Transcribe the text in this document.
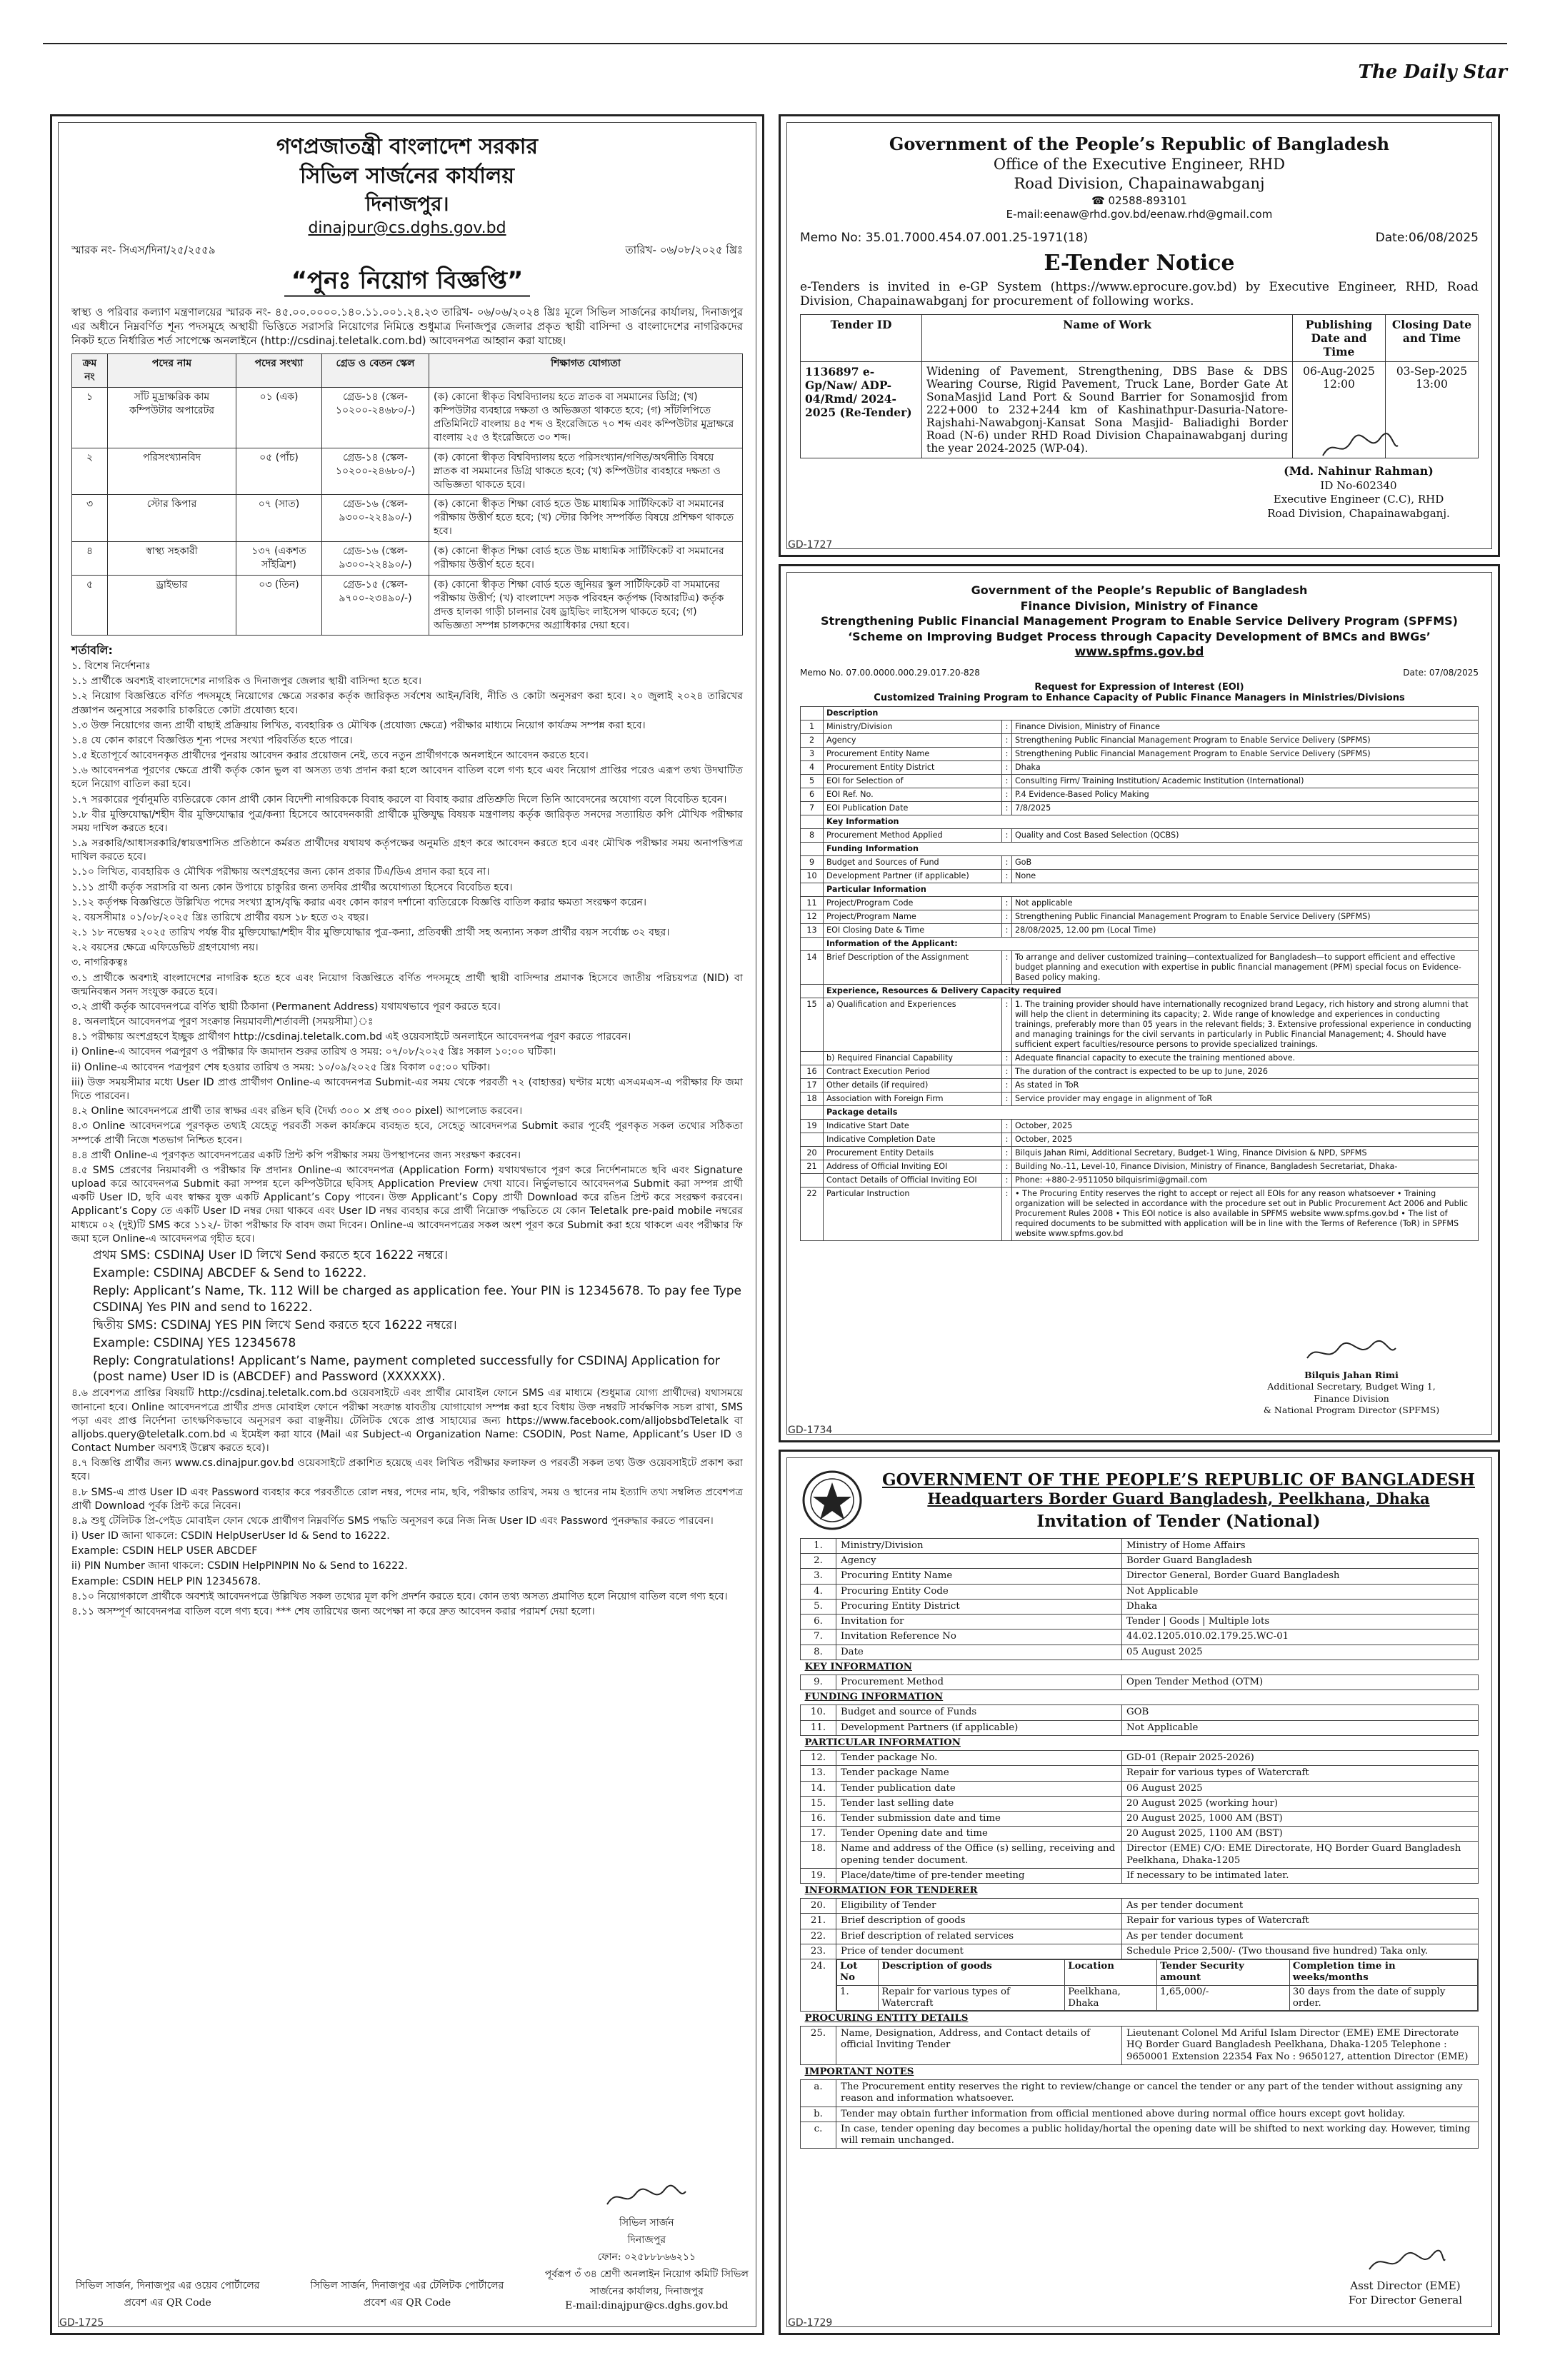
The Daily Star
গণপ্রজাতন্ত্রী বাংলাদেশ সরকার
সিভিল সার্জনের কার্যালয়
দিনাজপুর।
dinajpur@cs.dghs.gov.bd
স্মারক নং- সিএস/দিনা/২৫/২৫৫৯	তারিখ- ০৬/০৮/২০২৫ খ্রিঃ
“পুনঃ নিয়োগ বিজ্ঞপ্তি”
স্বাস্থ্য ও পরিবার কল্যাণ মন্ত্রণালয়ের স্মারক নং- ৪৫.০০.০০০০.১৪০.১১.০০১.২৪.২৩ তারিখ- ০৬/০৬/২০২৪ খ্রিঃ মূলে সিভিল সার্জনের কার্যালয়, দিনাজপুর এর অধীনে নিম্নবর্ণিত শূন্য পদসমূহে অস্থায়ী ভিত্তিতে সরাসরি নিয়োগের নিমিত্তে শুধুমাত্র দিনাজপুর জেলার প্রকৃত স্থায়ী বাসিন্দা ও বাংলাদেশের নাগরিকদের নিকট হতে নির্ধারিত শর্ত সাপেক্ষে অনলাইনে (http://csdinaj.teletalk.com.bd) আবেদনপত্র আহ্বান করা যাচ্ছে।
ক্রম নং	পদের নাম	পদের সংখ্যা	গ্রেড ও বেতন স্কেল	শিক্ষাগত যোগ্যতা
১	সাঁট মুদ্রাক্ষরিক কাম কম্পিউটার অপারেটর	০১ (এক)	গ্রেড-১৪ (স্কেল- ১০২০০-২৪৬৮০/-)	(ক) কোনো স্বীকৃত বিশ্ববিদ্যালয় হতে স্নাতক বা সমমানের ডিগ্রি; (খ) কম্পিউটার ব্যবহারে দক্ষতা ও অভিজ্ঞতা থাকতে হবে; (গ) সাঁটলিপিতে প্রতিমিনিটে বাংলায় ৪৫ শব্দ ও ইংরেজিতে ৭০ শব্দ এবং কম্পিউটার মুদ্রাক্ষরে বাংলায় ২৫ ও ইংরেজিতে ৩০ শব্দ।
২	পরিসংখ্যানবিদ	০৫ (পাঁচ)	গ্রেড-১৪ (স্কেল- ১০২০০-২৪৬৮০/-)	(ক) কোনো স্বীকৃত বিশ্ববিদ্যালয় হতে পরিসংখ্যান/গণিত/অর্থনীতি বিষয়ে স্নাতক বা সমমানের ডিগ্রি থাকতে হবে; (খ) কম্পিউটার ব্যবহারে দক্ষতা ও অভিজ্ঞতা থাকতে হবে।
৩	স্টোর কিপার	০৭ (সাত)	গ্রেড-১৬ (স্কেল- ৯৩০০-২২৪৯০/-)	(ক) কোনো স্বীকৃত শিক্ষা বোর্ড হতে উচ্চ মাধ্যমিক সার্টিফিকেট বা সমমানের পরীক্ষায় উত্তীর্ণ হতে হবে; (খ) স্টোর কিপিং সম্পর্কিত বিষয়ে প্রশিক্ষণ থাকতে হবে।
৪	স্বাস্থ্য সহকারী	১৩৭ (একশত সাঁইত্রিশ)	গ্রেড-১৬ (স্কেল- ৯৩০০-২২৪৯০/-)	(ক) কোনো স্বীকৃত শিক্ষা বোর্ড হতে উচ্চ মাধ্যমিক সার্টিফিকেট বা সমমানের পরীক্ষায় উত্তীর্ণ হতে হবে।
৫	ড্রাইভার	০৩ (তিন)	গ্রেড-১৫ (স্কেল- ৯৭০০-২৩৪৯০/-)	(ক) কোনো স্বীকৃত শিক্ষা বোর্ড হতে জুনিয়র স্কুল সার্টিফিকেট বা সমমানের পরীক্ষায় উত্তীর্ণ; (খ) বাংলাদেশ সড়ক পরিবহন কর্তৃপক্ষ (বিআরটিএ) কর্তৃক প্রদত্ত হালকা গাড়ী চালনার বৈধ ড্রাইভিং লাইসেন্স থাকতে হবে; (গ) অভিজ্ঞতা সম্পন্ন চালকদের অগ্রাধিকার দেয়া হবে।
শর্তাবলি:

১. বিশেষ নির্দেশনাঃ

১.১ প্রার্থীকে অবশ্যই বাংলাদেশের নাগরিক ও দিনাজপুর জেলার স্থায়ী বাসিন্দা হতে হবে।

১.২ নিয়োগ বিজ্ঞপ্তিতে বর্ণিত পদসমূহে নিয়োগের ক্ষেত্রে সরকার কর্তৃক জারিকৃত সর্বশেষ আইন/বিধি, নীতি ও কোটা অনুসরণ করা হবে। ২০ জুলাই ২০২৪ তারিখের প্রজ্ঞাপন অনুসারে সরকারি চাকরিতে কোটা প্রযোজ্য হবে।

১.৩ উক্ত নিয়োগের জন্য প্রার্থী বাছাই প্রক্রিয়ায় লিখিত, ব্যবহারিক ও মৌখিক (প্রযোজ্য ক্ষেত্রে) পরীক্ষার মাধ্যমে নিয়োগ কার্যক্রম সম্পন্ন করা হবে।

১.৪ যে কোন কারণে বিজ্ঞপ্তিত শূন্য পদের সংখ্যা পরিবর্তিত হতে পারে।

১.৫ ইতোপূর্বে আবেদনকৃত প্রার্থীদের পুনরায় আবেদন করার প্রয়োজন নেই, তবে নতুন প্রার্থীগণকে অনলাইনে আবেদন করতে হবে।

১.৬ আবেদনপত্র পূরণের ক্ষেত্রে প্রার্থী কর্তৃক কোন ভুল বা অসত্য তথ্য প্রদান করা হলে আবেদন বাতিল বলে গণ্য হবে এবং নিয়োগ প্রাপ্তির পরেও এরূপ তথ্য উদঘাটিত হলে নিয়োগ বাতিল করা হবে।

১.৭ সরকারের পূর্বানুমতি ব্যতিরেকে কোন প্রার্থী কোন বিদেশী নাগরিককে বিবাহ করলে বা বিবাহ করার প্রতিশ্রুতি দিলে তিনি আবেদনের অযোগ্য বলে বিবেচিত হবেন।

১.৮ বীর মুক্তিযোদ্ধা/শহীদ বীর মুক্তিযোদ্ধার পুত্র/কন্যা হিসেবে আবেদনকারী প্রার্থীকে মুক্তিযুদ্ধ বিষয়ক মন্ত্রণালয় কর্তৃক জারিকৃত সনদের সত্যায়িত কপি মৌখিক পরীক্ষার সময় দাখিল করতে হবে।

১.৯ সরকারি/আধাসরকারি/স্বায়ত্তশাসিত প্রতিষ্ঠানে কর্মরত প্রার্থীদের যথাযথ কর্তৃপক্ষের অনুমতি গ্রহণ করে আবেদন করতে হবে এবং মৌখিক পরীক্ষার সময় অনাপত্তিপত্র দাখিল করতে হবে।

১.১০ লিখিত, ব্যবহারিক ও মৌখিক পরীক্ষায় অংশগ্রহণের জন্য কোন প্রকার টিএ/ডিএ প্রদান করা হবে না।

১.১১ প্রার্থী কর্তৃক সরাসরি বা অন্য কোন উপায়ে চাকুরির জন্য তদবির প্রার্থীর অযোগ্যতা হিসেবে বিবেচিত হবে।

১.১২ কর্তৃপক্ষ বিজ্ঞপ্তিতে উল্লিখিত পদের সংখ্যা হ্রাস/বৃদ্ধি করার এবং কোন কারণ দর্শানো ব্যতিরেকে বিজ্ঞপ্তি বাতিল করার ক্ষমতা সংরক্ষণ করেন।

২. বয়সসীমাঃ ০১/০৮/২০২৫ খ্রিঃ তারিখে প্রার্থীর বয়স ১৮ হতে ৩২ বছর।

২.১ ১৮ নভেম্বর ২০২৫ তারিখ পর্যন্ত বীর মুক্তিযোদ্ধা/শহীদ বীর মুক্তিযোদ্ধার পুত্র-কন্যা, প্রতিবন্ধী প্রার্থী সহ অন্যান্য সকল প্রার্থীর বয়স সর্বোচ্চ ৩২ বছর।

২.২ বয়সের ক্ষেত্রে এফিডেভিট গ্রহণযোগ্য নয়।

৩. নাগরিকত্বঃ

৩.১ প্রার্থীকে অবশ্যই বাংলাদেশের নাগরিক হতে হবে এবং নিয়োগ বিজ্ঞপ্তিতে বর্ণিত পদসমূহে প্রার্থী স্থায়ী বাসিন্দার প্রমাণক হিসেবে জাতীয় পরিচয়পত্র (NID) বা জন্মনিবন্ধন সনদ সংযুক্ত করতে হবে।

৩.২ প্রার্থী কর্তৃক আবেদনপত্রে বর্ণিত স্থায়ী ঠিকানা (Permanent Address) যথাযথভাবে পূরণ করতে হবে।

৪. অনলাইনে আবেদনপত্র পূরণ সংক্রান্ত নিয়মাবলী/শর্তাবলী (সময়সীমা)ঃ

৪.১ পরীক্ষায় অংশগ্রহণে ইচ্ছুক প্রার্থীগণ http://csdinaj.teletalk.com.bd এই ওয়েবসাইটে অনলাইনে আবেদনপত্র পূরণ করতে পারবেন।

i) Online-এ আবেদন পত্রপূরণ ও পরীক্ষার ফি জমাদান শুরুর তারিখ ও সময়: ০৭/০৮/২০২৫ খ্রিঃ সকাল ১০:০০ ঘটিকা।

ii) Online-এ আবেদন পত্রপূরণ শেষ হওয়ার তারিখ ও সময়: ১০/০৯/২০২৫ খ্রিঃ বিকাল ০৫:০০ ঘটিকা।

iii) উক্ত সময়সীমার মধ্যে User ID প্রাপ্ত প্রার্থীগণ Online-এ আবেদনপত্র Submit-এর সময় থেকে পরবর্তী ৭২ (বাহাত্তর) ঘণ্টার মধ্যে এসএমএস-এ পরীক্ষার ফি জমা দিতে পারবেন।

৪.২ Online আবেদনপত্রে প্রার্থী তার স্বাক্ষর এবং রঙিন ছবি (দৈর্ঘ্য ৩০০ × প্রস্থ ৩০০ pixel) আপলোড করবেন।

৪.৩ Online আবেদনপত্রে পূরণকৃত তথ্যই যেহেতু পরবর্তী সকল কার্যক্রমে ব্যবহৃত হবে, সেহেতু আবেদনপত্র Submit করার পূর্বেই পূরণকৃত সকল তথ্যের সঠিকতা সম্পর্কে প্রার্থী নিজে শতভাগ নিশ্চিত হবেন।

৪.৪ প্রার্থী Online-এ পূরণকৃত আবেদনপত্রের একটি প্রিন্ট কপি পরীক্ষার সময় উপস্থাপনের জন্য সংরক্ষণ করবেন।

৪.৫ SMS প্রেরণের নিয়মাবলী ও পরীক্ষার ফি প্রদানঃ Online-এ আবেদনপত্র (Application Form) যথাযথভাবে পূরণ করে নির্দেশনামতে ছবি এবং Signature upload করে আবেদনপত্র Submit করা সম্পন্ন হলে কম্পিউটারে ছবিসহ Application Preview দেখা যাবে। নির্ভুলভাবে আবেদনপত্র Submit করা সম্পন্ন প্রার্থী একটি User ID, ছবি এবং স্বাক্ষর যুক্ত একটি Applicant’s Copy পাবেন। উক্ত Applicant’s Copy প্রার্থী Download করে রঙিন প্রিন্ট করে সংরক্ষণ করবেন। Applicant’s Copy তে একটি User ID নম্বর দেয়া থাকবে এবং User ID নম্বর ব্যবহার করে প্রার্থী নিম্নোক্ত পদ্ধতিতে যে কোন Teletalk pre-paid mobile নম্বরের মাধ্যমে ০২ (দুই)টি SMS করে ১১২/- টাকা পরীক্ষার ফি বাবদ জমা দিবেন। Online-এ আবেদনপত্রের সকল অংশ পূরণ করে Submit করা হয়ে থাকলে এবং পরীক্ষার ফি জমা হলে Online-এ আবেদনপত্র গৃহীত হবে।

প্রথম SMS: CSDINAJ User ID লিখে Send করতে হবে 16222 নম্বরে।
Example: CSDINAJ ABCDEF & Send to 16222.
Reply: Applicant’s Name, Tk. 112 Will be charged as application fee. Your PIN is 12345678. To pay fee Type CSDINAJ Yes PIN and send to 16222.
দ্বিতীয় SMS: CSDINAJ YES PIN লিখে Send করতে হবে 16222 নম্বরে।
Example: CSDINAJ YES 12345678
Reply: Congratulations! Applicant’s Name, payment completed successfully for CSDINAJ Application for (post name) User ID is (ABCDEF) and Password (XXXXXX).

৪.৬ প্রবেশপত্র প্রাপ্তির বিষয়টি http://csdinaj.teletalk.com.bd ওয়েবসাইটে এবং প্রার্থীর মোবাইল ফোনে SMS এর মাধ্যমে (শুধুমাত্র যোগ্য প্রার্থীদের) যথাসময়ে জানানো হবে। Online আবেদনপত্রে প্রার্থীর প্রদত্ত মোবাইল ফোনে পরীক্ষা সংক্রান্ত যাবতীয় যোগাযোগ সম্পন্ন করা হবে বিধায় উক্ত নম্বরটি সার্বক্ষণিক সচল রাখা, SMS পড়া এবং প্রাপ্ত নির্দেশনা তাৎক্ষণিকভাবে অনুসরণ করা বাঞ্ছনীয়। টেলিটক থেকে প্রাপ্ত সাহায্যের জন্য https://www.facebook.com/alljobsbdTeletalk বা alljobs.query@teletalk.com.bd এ ইমেইল করা যাবে (Mail এর Subject-এ Organization Name: CSODIN, Post Name, Applicant’s User ID ও Contact Number অবশ্যই উল্লেখ করতে হবে)।

৪.৭ বিজ্ঞপ্তি প্রার্থীর জন্য www.cs.dinajpur.gov.bd ওয়েবসাইটে প্রকাশিত হয়েছে এবং লিখিত পরীক্ষার ফলাফল ও পরবর্তী সকল তথ্য উক্ত ওয়েবসাইটে প্রকাশ করা হবে।

৪.৮ SMS-এ প্রাপ্ত User ID এবং Password ব্যবহার করে পরবর্তীতে রোল নম্বর, পদের নাম, ছবি, পরীক্ষার তারিখ, সময় ও স্থানের নাম ইত্যাদি তথ্য সম্বলিত প্রবেশপত্র প্রার্থী Download পূর্বক প্রিন্ট করে নিবেন।

৪.৯ শুধু টেলিটক প্রি-পেইড মোবাইল ফোন থেকে প্রার্থীগণ নিম্নবর্ণিত SMS পদ্ধতি অনুসরণ করে নিজ নিজ User ID এবং Password পুনরুদ্ধার করতে পারবেন।

i) User ID জানা থাকলে: CSDIN HelpUserUser Id & Send to 16222.

Example: CSDIN HELP USER ABCDEF

ii) PIN Number জানা থাকলে: CSDIN HelpPINPIN No & Send to 16222.

Example: CSDIN HELP PIN 12345678.

৪.১০ নিয়োগকালে প্রার্থীকে অবশ্যই আবেদনপত্রে উল্লিখিত সকল তথ্যের মূল কপি প্রদর্শন করতে হবে। কোন তথ্য অসত্য প্রমাণিত হলে নিয়োগ বাতিল বলে গণ্য হবে।

৪.১১ অসম্পূর্ণ আবেদনপত্র বাতিল বলে গণ্য হবে। *** শেষ তারিখের জন্য অপেক্ষা না করে দ্রুত আবেদন করার পরামর্শ দেয়া হলো।

সিভিল সার্জন, দিনাজপুর এর ওয়েব পোর্টালের প্রবেশ এর QR Code
সিভিল সার্জন, দিনাজপুর এর টেলিটক পোর্টালের প্রবেশ এর QR Code
সিভিল সার্জন
দিনাজপুর
ফোন: ০২৫৮৮৮৬৬২১১
পূর্বরূপ ৩ঁ ৩৪ শ্রেণী অনলাইন নিয়োগ কমিটি সিভিল সার্জনের কার্যালয়, দিনাজপুর
E-mail:dinajpur@cs.dghs.gov.bd
GD-1725
Government of the People’s Republic of Bangladesh
Office of the Executive Engineer, RHD
Road Division, Chapainawabganj
☎ 02588-893101
E-mail:eenaw@rhd.gov.bd/eenaw.rhd@gmail.com
Memo No: 35.01.7000.454.07.001.25-1971(18)	Date:06/08/2025
E-Tender Notice
e-Tenders is invited in e-GP System (https://www.eprocure.gov.bd) by Executive Engineer, RHD, Road Division, Chapainawabganj for procurement of following works.
Tender ID	Name of Work	Publishing Date and Time	Closing Date and Time
1136897 e-Gp/Naw/ ADP-04/Rmd/ 2024-2025 (Re-Tender)	Widening of Pavement, Strengthening, DBS Base & DBS Wearing Course, Rigid Pavement, Truck Lane, Border Gate At SonaMasjid Land Port & Sound Barrier for Sonamosjid from 222+000 to 232+244 km of Kashinathpur-Dasuria-Natore-Rajshahi-Nawabgonj-Kansat Sona Masjid- Baliadighi Border Road (N-6) under RHD Road Division Chapainawabganj during the year 2024-2025 (WP-04).	06-Aug-2025 12:00	03-Sep-2025 13:00
(Md. Nahinur Rahman)
ID No-602340
Executive Engineer (C.C), RHD
Road Division, Chapainawabganj.
GD-1727
Government of the People’s Republic of Bangladesh
Finance Division, Ministry of Finance
Strengthening Public Financial Management Program to Enable Service Delivery Program (SPFMS)
‘Scheme on Improving Budget Process through Capacity Development of BMCs and BWGs’
www.spfms.gov.bd
Memo No. 07.00.0000.000.29.017.20-828	Date: 07/08/2025
Request for Expression of Interest (EOI)
Customized Training Program to Enhance Capacity of Public Finance Managers in Ministries/Divisions
	Description		
1	Ministry/Division	:	Finance Division, Ministry of Finance
2	Agency	:	Strengthening Public Financial Management Program to Enable Service Delivery (SPFMS)
3	Procurement Entity Name	:	Strengthening Public Financial Management Program to Enable Service Delivery (SPFMS)
4	Procurement Entity District	:	Dhaka
5	EOI for Selection of	:	Consulting Firm/ Training Institution/ Academic Institution (International)
6	EOI Ref. No.	:	P.4 Evidence-Based Policy Making
7	EOI Publication Date	:	7/8/2025
	Key Information		
8	Procurement Method Applied	:	Quality and Cost Based Selection (QCBS)
	Funding Information		
9	Budget and Sources of Fund	:	GoB
10	Development Partner (if applicable)	:	None
	Particular Information		
11	Project/Program Code	:	Not applicable
12	Project/Program Name	:	Strengthening Public Financial Management Program to Enable Service Delivery (SPFMS)
13	EOI Closing Date & Time	:	28/08/2025, 12.00 pm (Local Time)
	Information of the Applicant:		
14	Brief Description of the Assignment	:	To arrange and deliver customized training—contextualized for Bangladesh—to support efficient and effective budget planning and execution with expertise in public financial management (PFM) special focus on Evidence-Based policy making.
	Experience, Resources & Delivery Capacity required		
15	a) Qualification and Experiences	:	1. The training provider should have internationally recognized brand Legacy, rich history and strong alumni that will help the client in determining its capacity; 2. Wide range of knowledge and experiences in conducting trainings, preferably more than 05 years in the relevant fields; 3. Extensive professional experience in conducting and managing trainings for the civil servants in particularly in Public Financial Management; 4. Should have sufficient expert faculties/resource persons to provide specialized trainings.
	b) Required Financial Capability	:	Adequate financial capacity to execute the training mentioned above.
16	Contract Execution Period	:	The duration of the contract is expected to be up to June, 2026
17	Other details (if required)	:	As stated in ToR
18	Association with Foreign Firm	:	Service provider may engage in alignment of ToR
	Package details		
19	Indicative Start Date	:	October, 2025
	Indicative Completion Date	:	October, 2025
20	Procurement Entity Details	:	Bilquis Jahan Rimi, Additional Secretary, Budget-1 Wing, Finance Division & NPD, SPFMS
21	Address of Official Inviting EOI	:	Building No.-11, Level-10, Finance Division, Ministry of Finance, Bangladesh Secretariat, Dhaka-
	Contact Details of Official Inviting EOI	:	Phone: +880-2-9511050 bilquisrimi@gmail.com
22	Particular Instruction	:	• The Procuring Entity reserves the right to accept or reject all EOIs for any reason whatsoever • Training organization will be selected in accordance with the procedure set out in Public Procurement Act 2006 and Public Procurement Rules 2008 • This EOI notice is also available in SPFMS website www.spfms.gov.bd • The list of required documents to be submitted with application will be in line with the Terms of Reference (ToR) in SPFMS website www.spfms.gov.bd
Bilquis Jahan Rimi
Additional Secretary, Budget Wing 1,
Finance Division
& National Program Director (SPFMS)
GD-1734
GOVERNMENT OF THE PEOPLE’S REPUBLIC OF BANGLADESH
Headquarters Border Guard Bangladesh, Peelkhana, Dhaka
Invitation of Tender (National)
1.	Ministry/Division	Ministry of Home Affairs
2.	Agency	Border Guard Bangladesh
3.	Procuring Entity Name	Director General, Border Guard Bangladesh
4.	Procuring Entity Code	Not Applicable
5.	Procuring Entity District	Dhaka
6.	Invitation for	Tender | Goods | Multiple lots
7.	Invitation Reference No	44.02.1205.010.02.179.25.WC-01
8.	Date	05 August 2025
KEY INFORMATION
9.	Procurement Method	Open Tender Method (OTM)
FUNDING INFORMATION
10.	Budget and source of Funds	GOB
11.	Development Partners (if applicable)	Not Applicable
PARTICULAR INFORMATION
12.	Tender package No.	GD-01 (Repair 2025-2026)
13.	Tender package Name	Repair for various types of Watercraft
14.	Tender publication date	06 August 2025
15.	Tender last selling date	20 August 2025 (working hour)
16.	Tender submission date and time	20 August 2025, 1000 AM (BST)
17.	Tender Opening date and time	20 August 2025, 1100 AM (BST)
18.	Name and address of the Office (s) selling, receiving and opening tender document.	Director (EME) C/O: EME Directorate, HQ Border Guard Bangladesh Peelkhana, Dhaka-1205
19.	Place/date/time of pre-tender meeting	If necessary to be intimated later.
INFORMATION FOR TENDERER
20.	Eligibility of Tender	As per tender document
21.	Brief description of goods	Repair for various types of Watercraft
22.	Brief description of related services	As per tender document
23.	Price of tender document	Schedule Price 2,500/- (Two thousand five hundred) Taka only.
24.	Lot No	Description of goods	Location	Tender Security amount	Completion time in weeks/months
1.	Repair for various types of Watercraft	Peelkhana, Dhaka	1,65,000/-	30 days from the date of supply order.

PROCURING ENTITY DETAILS
25.	Name, Designation, Address, and Contact details of official Inviting Tender	Lieutenant Colonel Md Ariful Islam Director (EME) EME Directorate HQ Border Guard Bangladesh Peelkhana, Dhaka-1205 Telephone : 9650001 Extension 22354 Fax No : 9650127, attention Director (EME)
IMPORTANT NOTES
a.	The Procurement entity reserves the right to review/change or cancel the tender or any part of the tender without assigning any reason and information whatsoever.
b.	Tender may obtain further information from official mentioned above during normal office hours except govt holiday.
c.	In case, tender opening day becomes a public holiday/hortal the opening date will be shifted to next working day. However, timing will remain unchanged.
Asst Director (EME)
For Director General
GD-1729
